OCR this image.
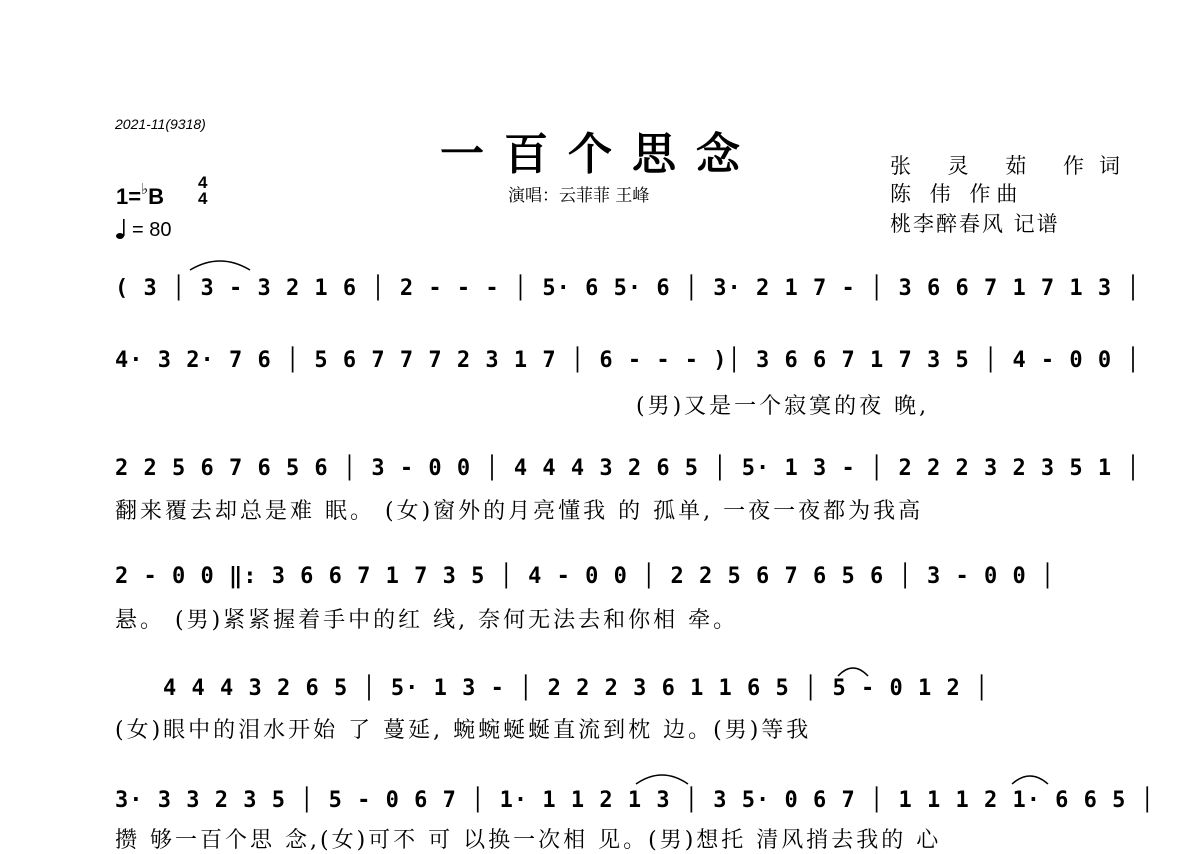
2021-11(9318)
一百个思念
演唱：云菲菲 王峰
张 灵 茹 作词
陈 伟 作曲
桃李醉春风 记谱
1=♭B
4
4
= 80
( 3 │ 3 - 3 2 1 6 │ 2 - - - │ 5· 6 5· 6 │ 3· 2 1 7 - │ 3 6 6 7 1 7 1 3 │
4· 3 2· 7 6 │ 5 6 7 7 7 2 3 1 7 │ 6 - - - )│ 3 6 6 7 1 7 3 5 │ 4 - 0 0 │
(男)又是一个寂寞的夜 晚,
2 2 5 6 7 6 5 6 │ 3 - 0 0 │ 4 4 4 3 2 6 5 │ 5· 1 3 - │ 2 2 2 3 2 3 5 1 │
翻来覆去却总是难 眠。 (女)窗外的月亮懂我 的 孤单, 一夜一夜都为我高
2 - 0 0 ‖: 3 6 6 7 1 7 3 5 │ 4 - 0 0 │ 2 2 5 6 7 6 5 6 │ 3 - 0 0 │
悬。 (男)紧紧握着手中的红 线, 奈何无法去和你相 牵。
4 4 4 3 2 6 5 │ 5· 1 3 - │ 2 2 2 3 6 1 1 6 5 │ 5 - 0 1 2 │
(女)眼中的泪水开始 了 蔓延, 蜿蜿蜒蜒直流到枕 边。(男)等我
3· 3 3 2 3 5 │ 5 - 0 6 7 │ 1· 1 1 2 1 3 │ 3 5· 0 6 7 │ 1 1 1 2 1· 6 6 5 │
攒 够一百个思 念,(女)可不 可 以换一次相 见。(男)想托 清风捎去我的 心
